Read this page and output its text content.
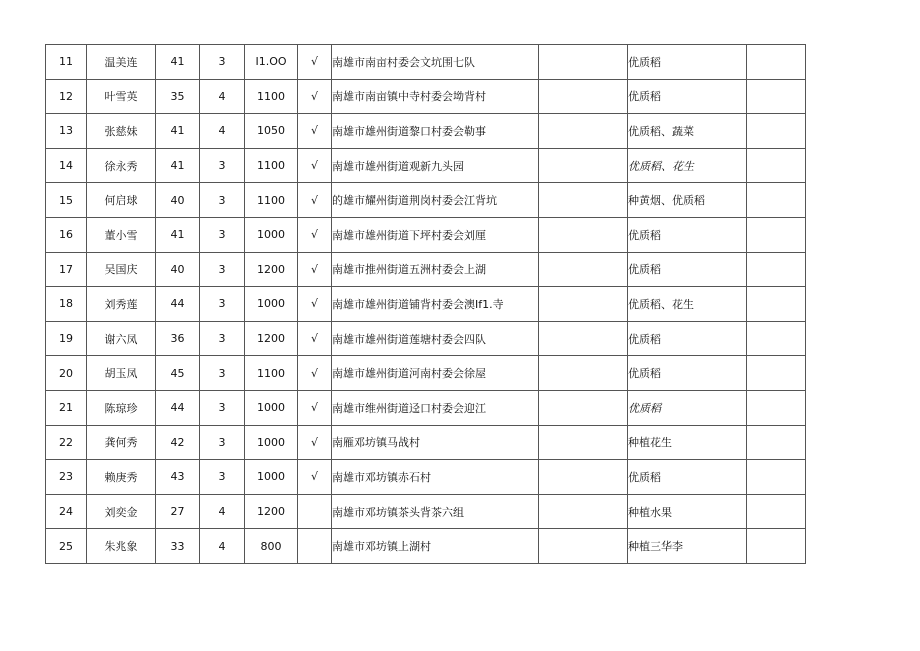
11	温美连	41	3	I1.OO	√	南雄市南亩村委会文坑围七队		优质稻	
12	叶雪英	35	4	1100	√	南雄市南亩镇中寺村委会坳背村		优质稻	
13	张慈妹	41	4	1050	√	南雄市雄州街道黎口村委会勒事		优质稻、蔬菜	
14	徐永秀	41	3	1100	√	南雄市雄州街道观新九头园		优质稻、花生	
15	何启球	40	3	1100	√	的雄市耀州街道荆岗村委会江背坑		种黄烟、优质稻	
16	董小雪	41	3	1000	√	南雄市雄州街道下坪村委会刘厘		优质稻	
17	吴国庆	40	3	1200	√	南雄市推州街道五洲村委会上湖		优质稻	
18	刘秀莲	44	3	1000	√	南雄市雄州街道铺背村委会澳If1.寺		优质稻、花生	
19	谢六凤	36	3	1200	√	南雄市雄州街道莲塘村委会四队		优质稻	
20	胡玉凤	45	3	1100	√	南雄市雄州街道河南村委会徐屋		优质稻	
21	陈琼珍	44	3	1000	√	南雄市维州街道迳口村委会迎江		优质稻	
22	龚何秀	42	3	1000	√	南雁邓坊镇马战村		种植花生	
23	赖庚秀	43	3	1000	√	南雄市邓坊镇赤石村		优质稻	
24	刘奕金	27	4	1200		南雄市邓坊镇茶头背茶六组		种植水果	
25	朱兆象	33	4	800		南雄市邓坊镇上湖村		种植三华李	
